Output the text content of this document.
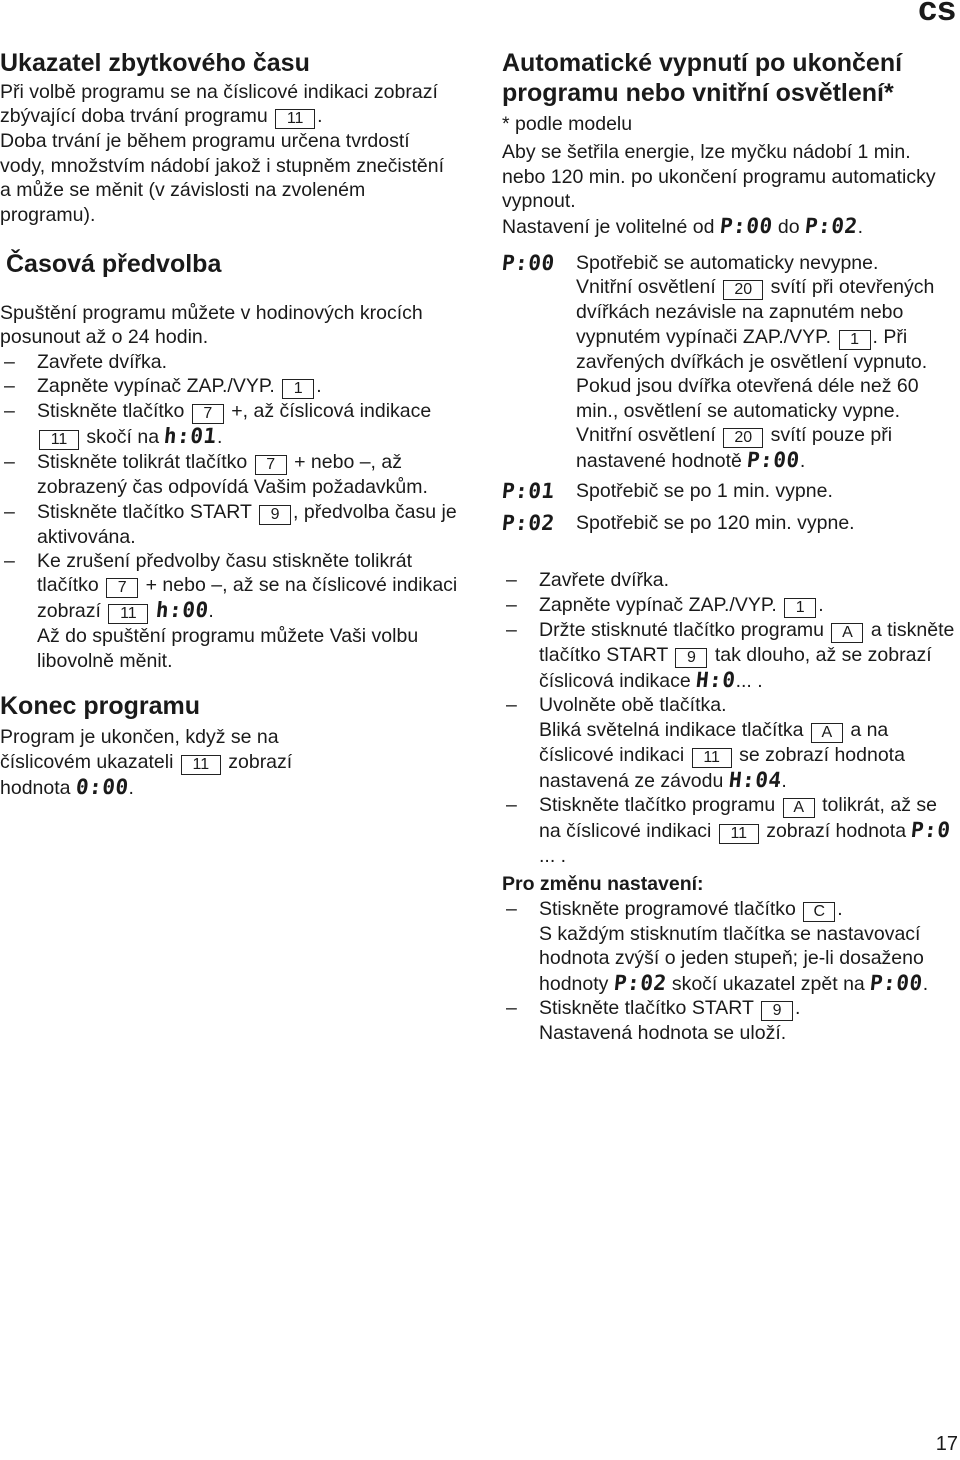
cs
Ukazatel zbytkového času

Při volbě programu se na číslicové indikaci zobrazí zbývající doba trvání programu 11 .

Doba trvání je během programu určena tvrdostí vody, množstvím nádobí jakož i stupněm znečistění a může se měnit (v závislosti na zvoleném programu).

Časová předvolba

Spuštění programu můžete v hodinových krocích posunout až o 24 hodin.

– Zavřete dvířka.
– Zapněte vypínač ZAP./VYP. 1 .
– Stiskněte tlačítko 7 +, až číslicová indikace 11 skočí na h:01.
– Stiskněte tolikrát tlačítko 7 + nebo –, až zobrazený čas odpovídá Vašim požadavkům.
– Stiskněte tlačítko START 9 , předvolba času je aktivována.
– Ke zrušení předvolby času stiskněte tolikrát tlačítko 7 + nebo –, až se na číslicové indikaci zobrazí 11 h:00.

Až do spuštění programu můžete Vaši volbu libovolně měnit.

Konec programu

Program je ukončen, když se na číslicovém ukazateli 11 zobrazí hodnota 0:00.

Automatické vypnutí po ukončení programu nebo vnitřní osvětlení*

* podle modelu

Aby se šetřila energie, lze myčku nádobí 1 min. nebo 120 min. po ukončení programu automaticky vypnout.

Nastavení je volitelné od P:00 do P:02.

P:00	Spotřebič se automaticky nevypne.
Vnitřní osvětlení 20 svítí při otevřených dvířkách nezávisle na zapnutém nebo vypnutém vypínači ZAP./VYP. 1 . Při zavřených dvířkách je osvětlení vypnuto. Pokud jsou dvířka otevřená déle než 60 min., osvětlení se automaticky vypne. Vnitřní osvětlení 20 svítí pouze při nastavené hodnotě P:00.
P:01	Spotřebič se po 1 min. vypne.
P:02	Spotřebič se po 120 min. vypne.
– Zavřete dvířka.
– Zapněte vypínač ZAP./VYP. 1 .
– Držte stisknuté tlačítko programu A a tiskněte tlačítko START 9 tak dlouho, až se zobrazí číslicová indikace H:0... .
– Uvolněte obě tlačítka.

Bliká světelná indikace tlačítka A a na číslicové indikaci 11 se zobrazí hodnota nastavená ze závodu H:04.

– Stiskněte tlačítko programu A tolikrát, až se na číslicové indikaci 11 zobrazí hodnota P:0... .

Pro změnu nastavení:

– Stiskněte programové tlačítko C .

S každým stisknutím tlačítka se nastavovací hodnota zvýší o jeden stupeň; je-li dosaženo hodnoty P:02 skočí ukazatel zpět na P:00.

– Stiskněte tlačítko START 9 .

Nastavená hodnota se uloží.

17
